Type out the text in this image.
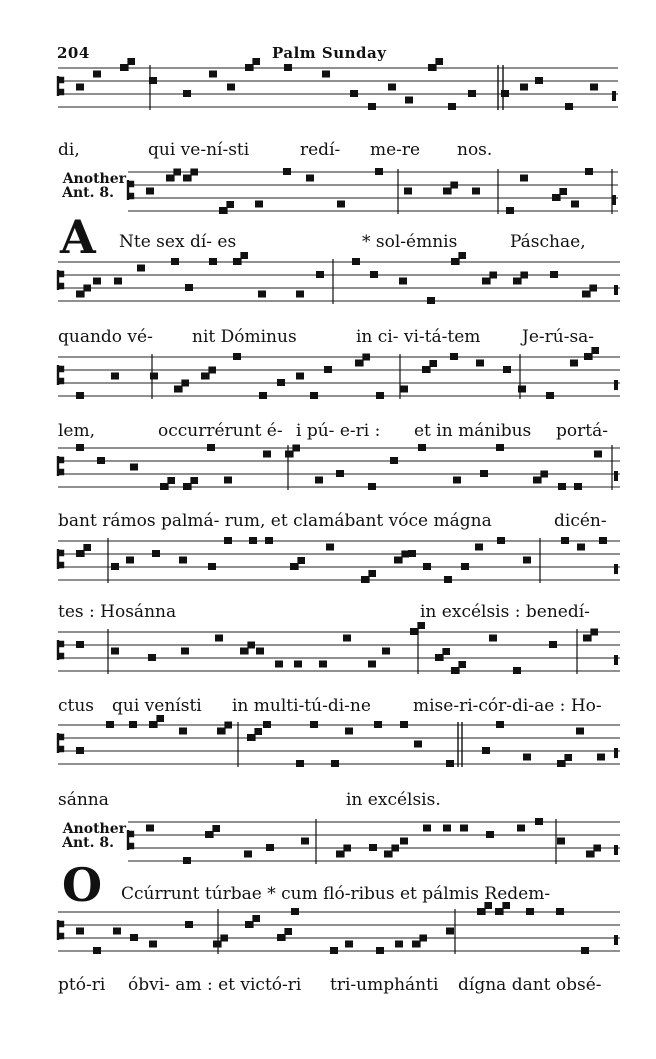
204	Palm Sunday
Another
Ant. 8.
Another
Ant. 8.
A
O
di,	qui ve-ní-sti	redí- me-re nos.
Nte sex dí- es	* sol-émnis	Páschae,
quando vé- nit Dóminus	in ci- vi-tá-tem Je-rú-sa-
lem,	occurrérunt é- i pú- e-ri : et in mánibus portá-
bant rámos palmá- rum, et clamábant vóce mágna	dicén-
tes : Hosánna	in excélsis : benedí-
ctus qui venísti in multi-tú-di-ne mise-ri-cór-di-ae : Ho-
sánna	in excélsis.
Ccúrrunt túrbae * cum fló-ribus et pálmis Redem-
ptó-ri óbvi- am : et victó-ri tri-umphánti dígna dant obsé-
